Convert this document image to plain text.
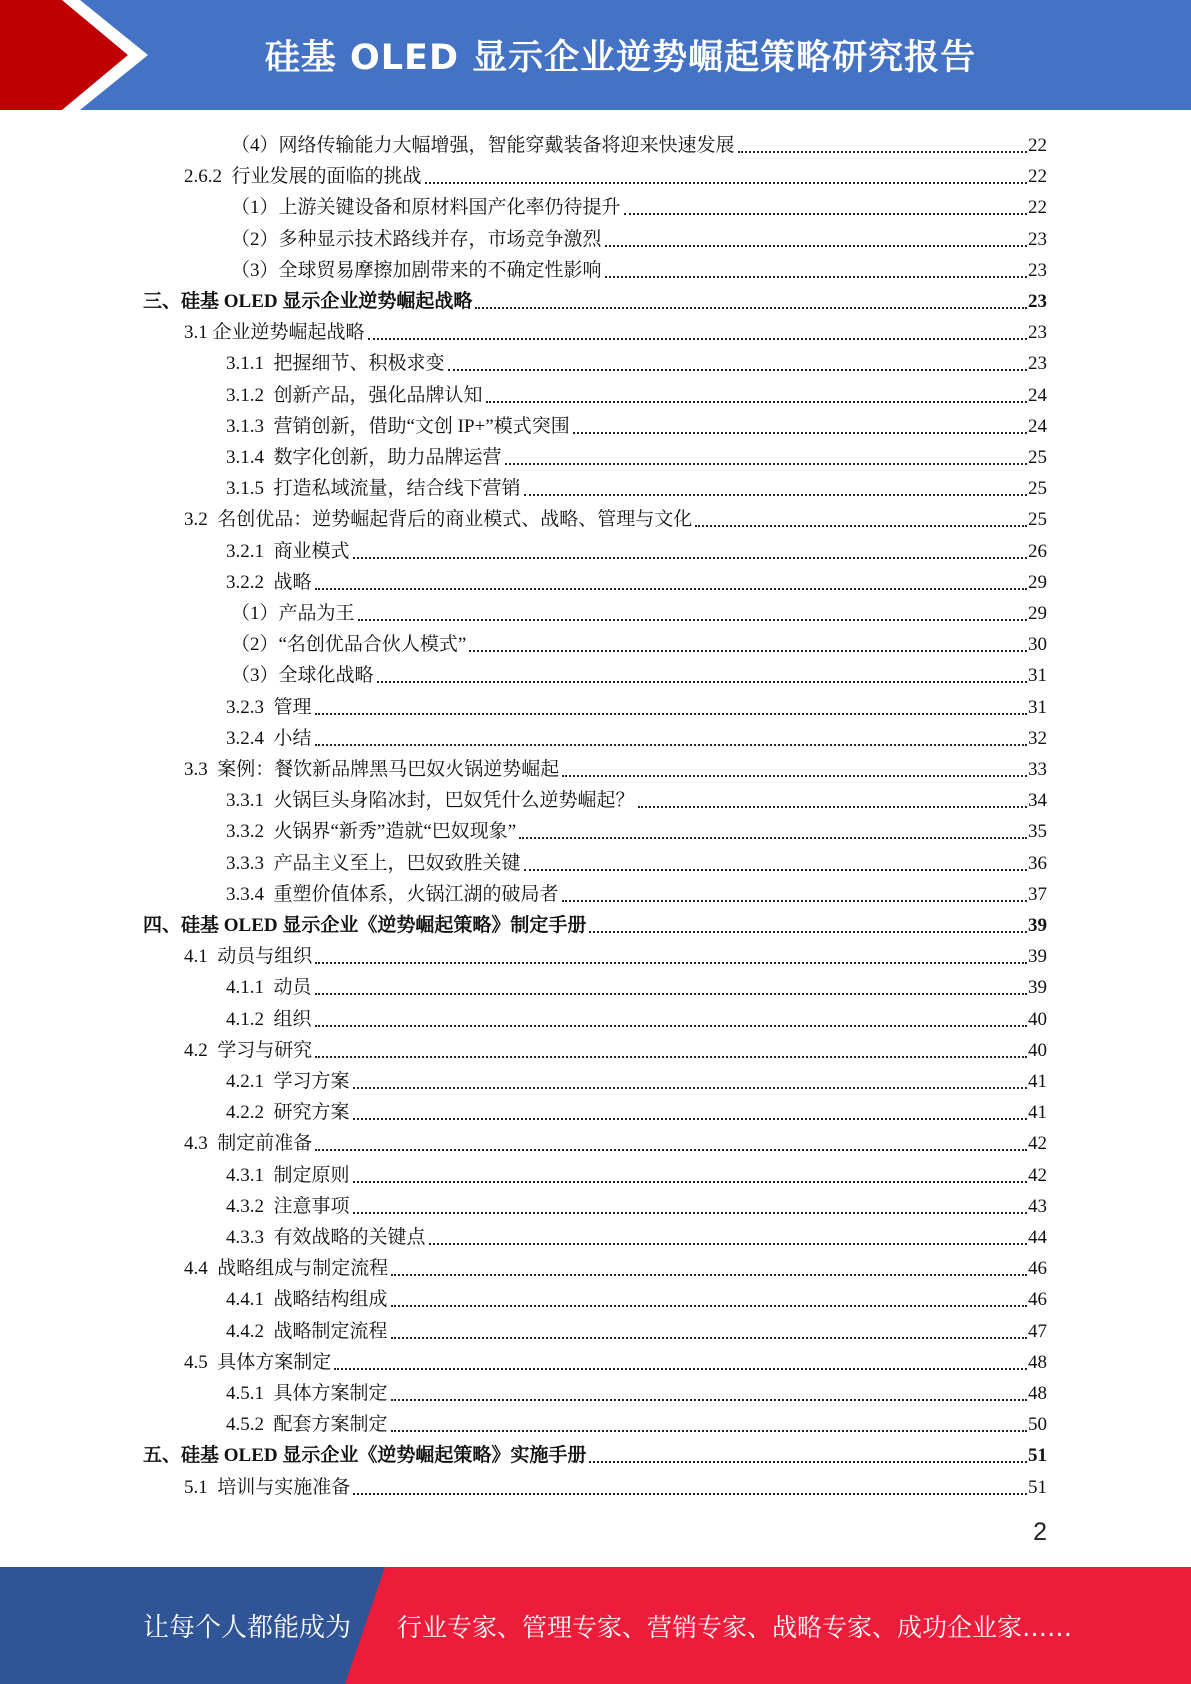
硅基 OLED 显示企业逆势崛起策略研究报告
（4）网络传输能力大幅增强，智能穿戴装备将迎来快速发展	22
2.6.2  行业发展的面临的挑战	22
（1）上游关键设备和原材料国产化率仍待提升	22
（2）多种显示技术路线并存，市场竞争激烈	23
（3）全球贸易摩擦加剧带来的不确定性影响	23
三、硅基 OLED 显示企业逆势崛起战略	23
3.1 企业逆势崛起战略	23
3.1.1  把握细节、积极求变	23
3.1.2  创新产品，强化品牌认知	24
3.1.3  营销创新，借助“文创 IP+”模式突围	24
3.1.4  数字化创新，助力品牌运营	25
3.1.5  打造私域流量，结合线下营销	25
3.2  名创优品：逆势崛起背后的商业模式、战略、管理与文化	25
3.2.1  商业模式	26
3.2.2  战略	29
（1）产品为王	29
（2）“名创优品合伙人模式”	30
（3）全球化战略	31
3.2.3  管理	31
3.2.4  小结	32
3.3  案例：餐饮新品牌黑马巴奴火锅逆势崛起	33
3.3.1  火锅巨头身陷冰封，巴奴凭什么逆势崛起？	34
3.3.2  火锅界“新秀”造就“巴奴现象”	35
3.3.3  产品主义至上，巴奴致胜关键	36
3.3.4  重塑价值体系，火锅江湖的破局者	37
四、硅基 OLED 显示企业《逆势崛起策略》制定手册	39
4.1  动员与组织	39
4.1.1  动员	39
4.1.2  组织	40
4.2  学习与研究	40
4.2.1  学习方案	41
4.2.2  研究方案	41
4.3  制定前准备	42
4.3.1  制定原则	42
4.3.2  注意事项	43
4.3.3  有效战略的关键点	44
4.4  战略组成与制定流程	46
4.4.1  战略结构组成	46
4.4.2  战略制定流程	47
4.5  具体方案制定	48
4.5.1  具体方案制定	48
4.5.2  配套方案制定	50
五、硅基 OLED 显示企业《逆势崛起策略》实施手册	51
5.1  培训与实施准备	51
2
让每个人都能成为 行业专家、管理专家、营销专家、战略专家、成功企业家……
